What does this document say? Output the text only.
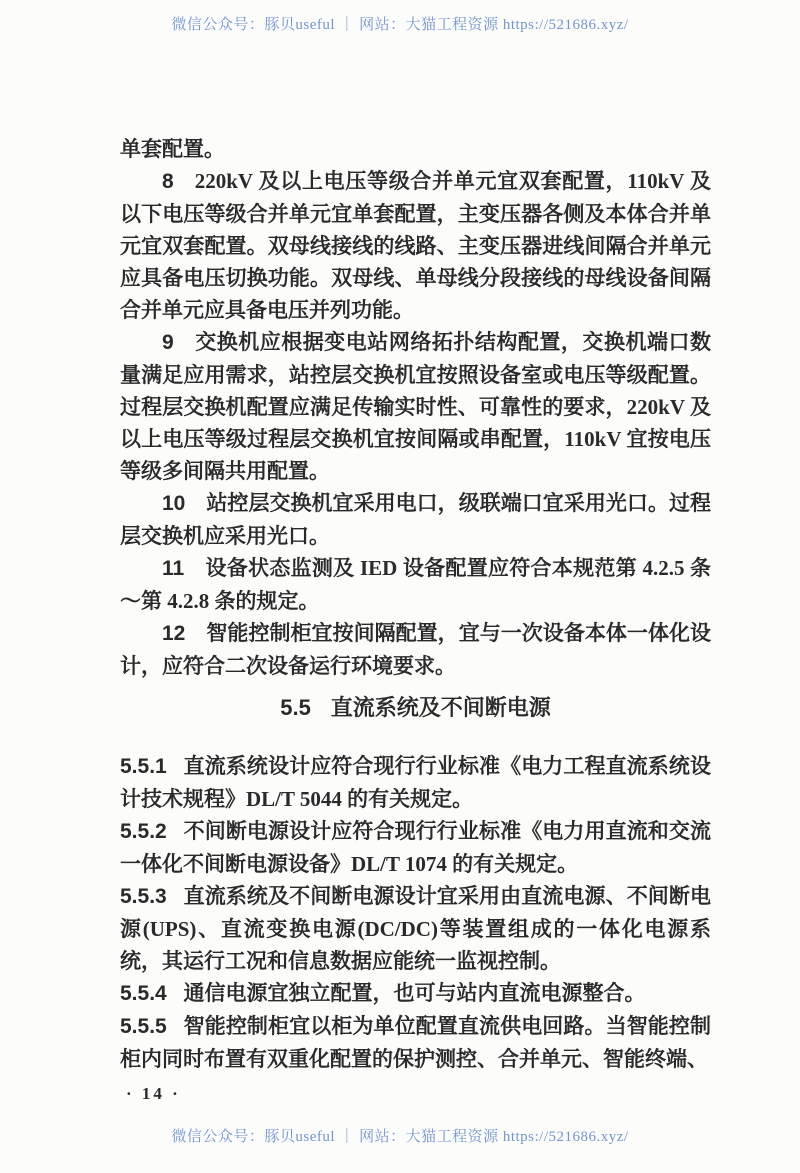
微信公众号：豚贝useful ｜ 网站：大猫工程资源 https://521686.xyz/

单套配置。

8 220kV 及以上电压等级合并单元宜双套配置，110kV 及以下电压等级合并单元宜单套配置，主变压器各侧及本体合并单元宜双套配置。双母线接线的线路、主变压器进线间隔合并单元应具备电压切换功能。双母线、单母线分段接线的母线设备间隔合并单元应具备电压并列功能。

9 交换机应根据变电站网络拓扑结构配置，交换机端口数量满足应用需求，站控层交换机宜按照设备室或电压等级配置。过程层交换机配置应满足传输实时性、可靠性的要求，220kV 及以上电压等级过程层交换机宜按间隔或串配置，110kV 宜按电压等级多间隔共用配置。

10 站控层交换机宜采用电口，级联端口宜采用光口。过程层交换机应采用光口。

11 设备状态监测及 IED 设备配置应符合本规范第 4.2.5 条～第 4.2.8 条的规定。

12 智能控制柜宜按间隔配置，宜与一次设备本体一体化设计，应符合二次设备运行环境要求。

5.5 直流系统及不间断电源

5.5.1 直流系统设计应符合现行行业标准《电力工程直流系统设计技术规程》DL/T 5044 的有关规定。

5.5.2 不间断电源设计应符合现行行业标准《电力用直流和交流一体化不间断电源设备》DL/T 1074 的有关规定。

5.5.3 直流系统及不间断电源设计宜采用由直流电源、不间断电源(UPS)、直流变换电源(DC/DC)等装置组成的一体化电源系统，其运行工况和信息数据应能统一监视控制。

5.5.4 通信电源宜独立配置，也可与站内直流电源整合。

5.5.5 智能控制柜宜以柜为单位配置直流供电回路。当智能控制柜内同时布置有双重化配置的保护测控、合并单元、智能终端、

· 14 ·
微信公众号：豚贝useful ｜ 网站：大猫工程资源 https://521686.xyz/
